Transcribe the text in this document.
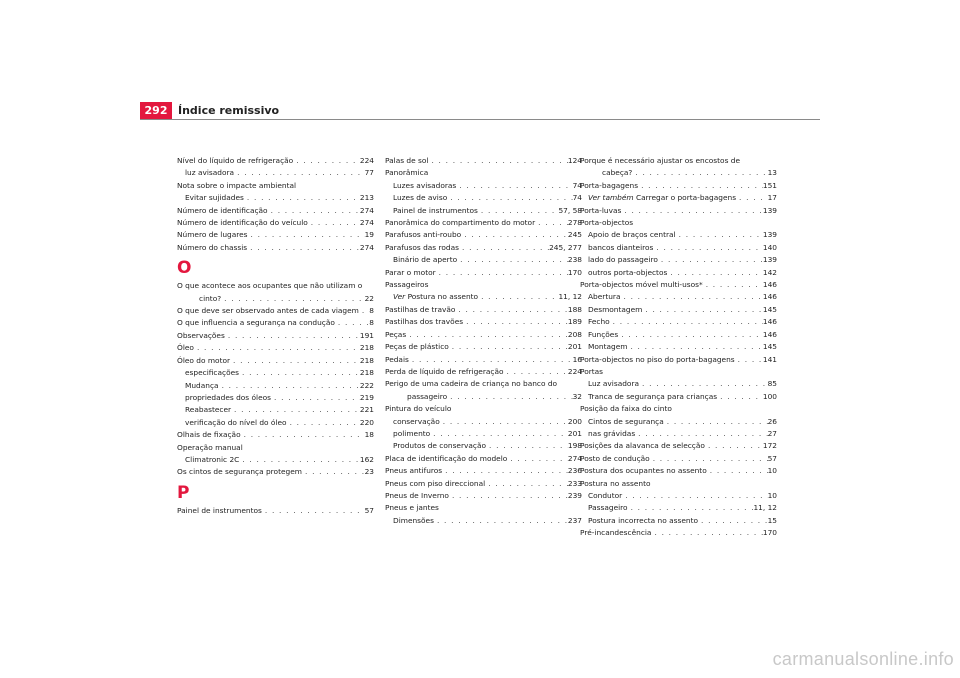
292 Índice remissivo
Nível do líquido de refrigeração . . .	224
luz avisadora . . .	77
Nota sobre o impacte ambiental
Evitar sujidades . . .	213
Número de identificação . . .	274
Número de identificação do veículo . . .	274
Número de lugares . . .	19
Número do chassis . . .	274
O
O que acontece aos ocupantes que não utilizam o
cinto? . . .	22
O que deve ser observado antes de cada viagem . . . 8
O que influencia a segurança na condução . . .	8
Observações . . .	191
Óleo . . .	218
Óleo do motor . . .	218
especificações . . .	218
Mudança . . .	222
propriedades dos óleos . . .	219
Reabastecer . . .	221
verificação do nível do óleo . . .	220
Olhais de fixação . . .	18
Operação manual
Climatronic 2C . . .	162
Os cintos de segurança protegem . . .	23
P
Painel de instrumentos . . .	57
Palas de sol . . .	124
Panorâmica
Luzes avisadoras . . .	74
Luzes de aviso . . .	74
Painel de instrumentos . . .	57, 58
Panorâmica do compartimento do motor . . .	278
Parafusos anti-roubo . . .	245
Parafusos das rodas . . .	245, 277
Binário de aperto . . .	238
Parar o motor . . .	170
Passageiros
Ver Postura no assento . . .	11, 12
Pastilhas de travão . . .	188
Pastilhas dos travões . . .	189
Peças . . .	208
Peças de plástico . . .	201
Pedais . . .	16
Perda de líquido de refrigeração . . .	224
Perigo de uma cadeira de criança no banco do
passageiro . . .	32
Pintura do veículo
conservação . . .	200
polimento . . .	201
Produtos de conservação . . .	198
Placa de identificação do modelo . . .	274
Pneus antifuros . . .	236
Pneus com piso direccional . . .	233
Pneus de Inverno . . .	239
Pneus e jantes
Dimensões . . .	237
Porque é necessário ajustar os encostos de
cabeça? . . .	13
Porta-bagagens . . .	151
Ver também Carregar o porta-bagagens . . .	17
Porta-luvas . . .	139
Porta-objectos
Apoio de braços central . . .	139
bancos dianteiros . . .	140
lado do passageiro . . .	139
outros porta-objectos . . .	142
Porta-objectos móvel multi-usos* . . .	146
Abertura . . .	146
Desmontagem . . .	145
Fecho . . .	146
Funções . . .	146
Montagem . . .	145
Porta-objectos no piso do porta-bagagens . . .	141
Portas
Luz avisadora . . .	85
Tranca de segurança para crianças . . .	100
Posição da faixa do cinto
Cintos de segurança . . .	26
nas grávidas . . .	27
Posições da alavanca de selecção . . .	172
Posto de condução . . .	57
Postura dos ocupantes no assento . . .	10
Postura no assento
Condutor . . .	10
Passageiro . . .	11, 12
Postura incorrecta no assento . . .	15
Pré-incandescência . . .	170
carmanualsonline.info
